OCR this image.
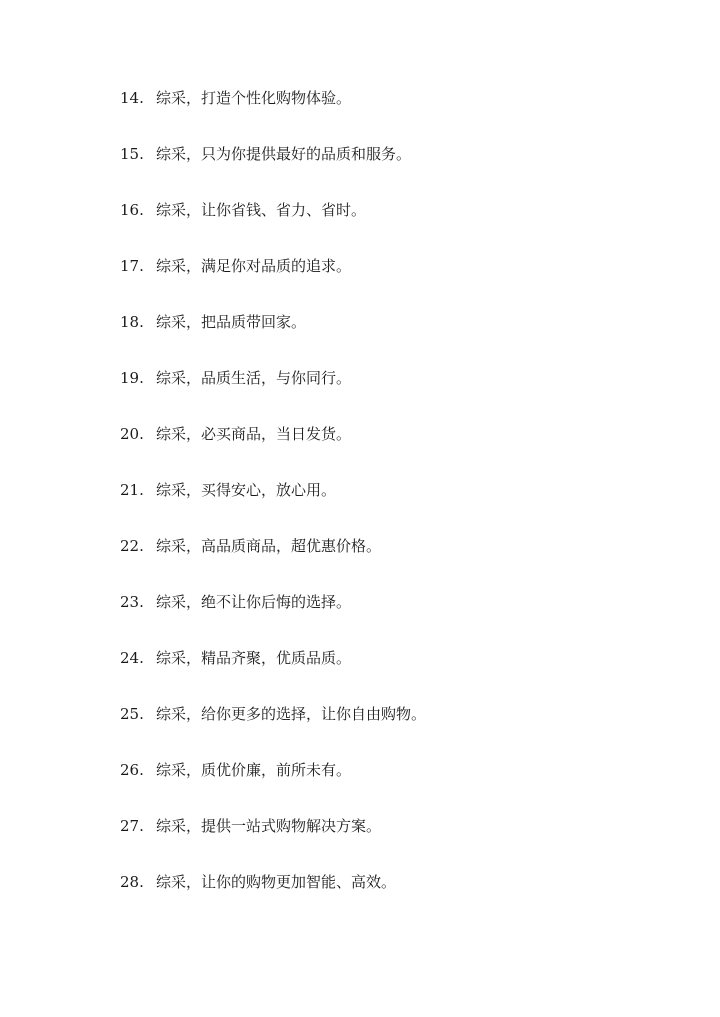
14. 综采，打造个性化购物体验。
15. 综采，只为你提供最好的品质和服务。
16. 综采，让你省钱、省力、省时。
17. 综采，满足你对品质的追求。
18. 综采，把品质带回家。
19. 综采，品质生活，与你同行。
20. 综采，必买商品，当日发货。
21. 综采，买得安心，放心用。
22. 综采，高品质商品，超优惠价格。
23. 综采，绝不让你后悔的选择。
24. 综采，精品齐聚，优质品质。
25. 综采，给你更多的选择，让你自由购物。
26. 综采，质优价廉，前所未有。
27. 综采，提供一站式购物解决方案。
28. 综采，让你的购物更加智能、高效。
